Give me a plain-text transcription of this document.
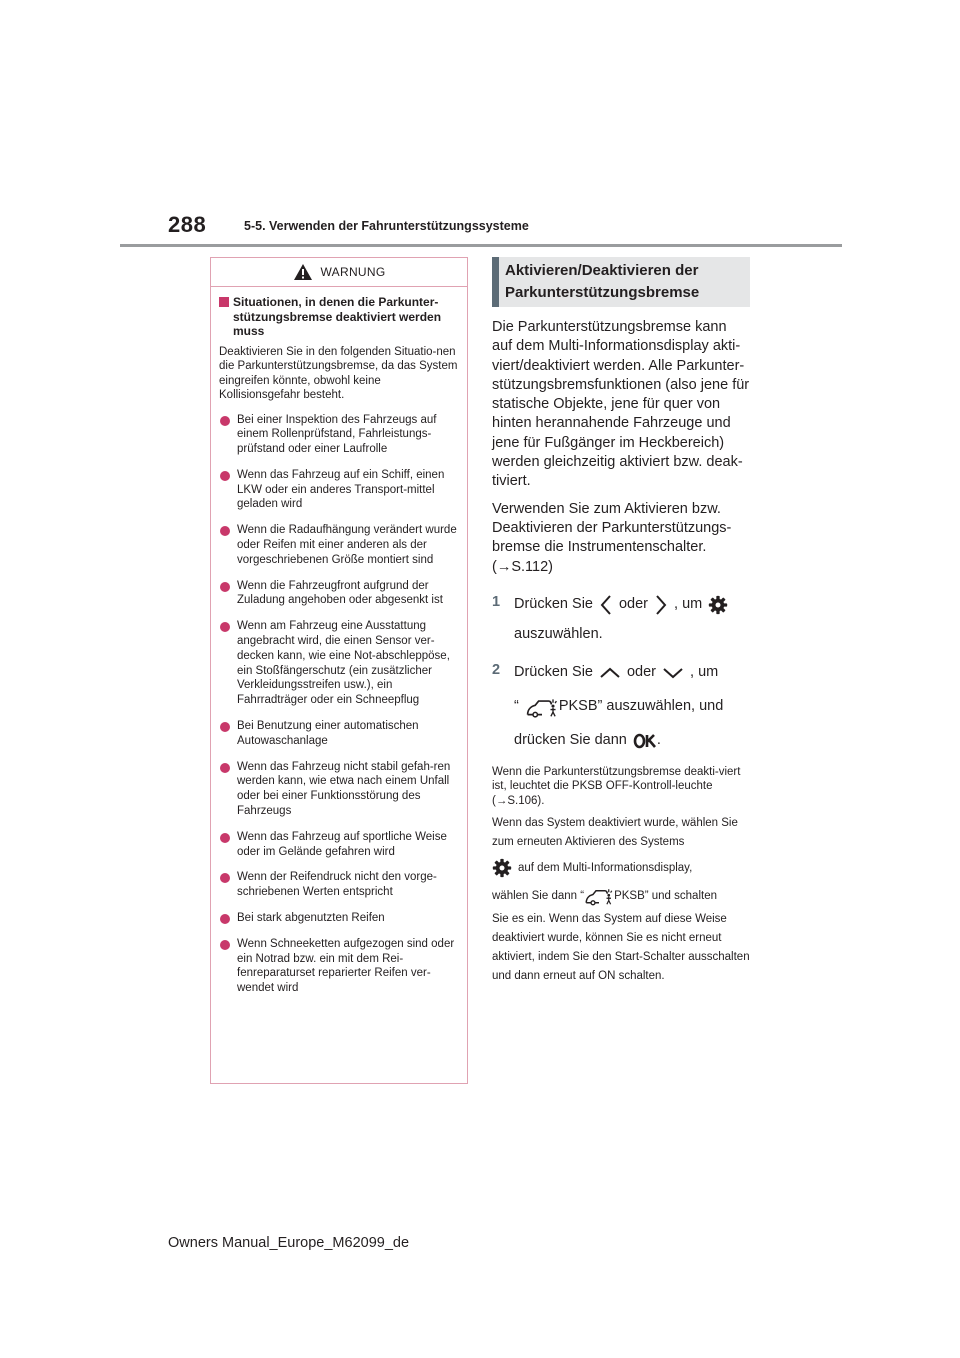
288	5-5. Verwenden der Fahrunterstützungssysteme
WARNUNG
Situationen, in denen die Parkunter-stützungsbremse deaktiviert werden muss
Deaktivieren Sie in den folgenden Situatio-nen die Parkunterstützungsbremse, da das System eingreifen könnte, obwohl keine Kollisionsgefahr besteht.
Bei einer Inspektion des Fahrzeugs auf einem Rollenprüfstand, Fahrleistungs-prüfstand oder einer Laufrolle
Wenn das Fahrzeug auf ein Schiff, einen LKW oder ein anderes Transport-mittel geladen wird
Wenn die Radaufhängung verändert wurde oder Reifen mit einer anderen als der vorgeschriebenen Größe montiert sind
Wenn die Fahrzeugfront aufgrund der Zuladung angehoben oder abgesenkt ist
Wenn am Fahrzeug eine Ausstattung angebracht wird, die einen Sensor ver-decken kann, wie eine Not-abschleppöse, ein Stoßfängerschutz (ein zusätzlicher Verkleidungsstreifen usw.), ein Fahrradträger oder ein Schneepflug
Bei Benutzung einer automatischen Autowaschanlage
Wenn das Fahrzeug nicht stabil gefah-ren werden kann, wie etwa nach einem Unfall oder bei einer Funktionsstörung des Fahrzeugs
Wenn das Fahrzeug auf sportliche Weise oder im Gelände gefahren wird
Wenn der Reifendruck nicht den vorge-schriebenen Werten entspricht
Bei stark abgenutzten Reifen
Wenn Schneeketten aufgezogen sind oder ein Notrad bzw. ein mit dem Rei-fenreparaturset reparierter Reifen ver-wendet wird
Aktivieren/Deaktivieren der
Parkunterstützungsbremse

Die Parkunterstützungsbremse kann auf dem Multi-Informationsdisplay akti-viert/deaktiviert werden. Alle Parkunter-stützungsbremsfunktionen (also jene für statische Objekte, jene für quer von hinten herannahende Fahrzeuge und jene für Fußgänger im Heckbereich) werden gleichzeitig aktiviert bzw. deak-tiviert.

Verwenden Sie zum Aktivieren bzw. Deaktivieren der Parkunterstützungs-bremse die Instrumentenschalter.
(→S.112)

1 Drücken Sie oder , um
auszuwählen.
2 Drücken Sie oder , um
“	PKSB” auszuwählen, und
drücken Sie dann .
Wenn die Parkunterstützungsbremse deakti-viert ist, leuchtet die PKSB OFF-Kontroll-leuchte (→S.106).
Wenn das System deaktiviert wurde, wählen Sie zum erneuten Aktivieren des Systems
auf dem Multi-Informationsdisplay,
wählen Sie dann “	PKSB” und schalten
Sie es ein. Wenn das System auf diese Weise deaktiviert wurde, können Sie es nicht erneut aktiviert, indem Sie den Start-Schalter ausschalten und dann erneut auf ON schalten.
Owners Manual_Europe_M62099_de
